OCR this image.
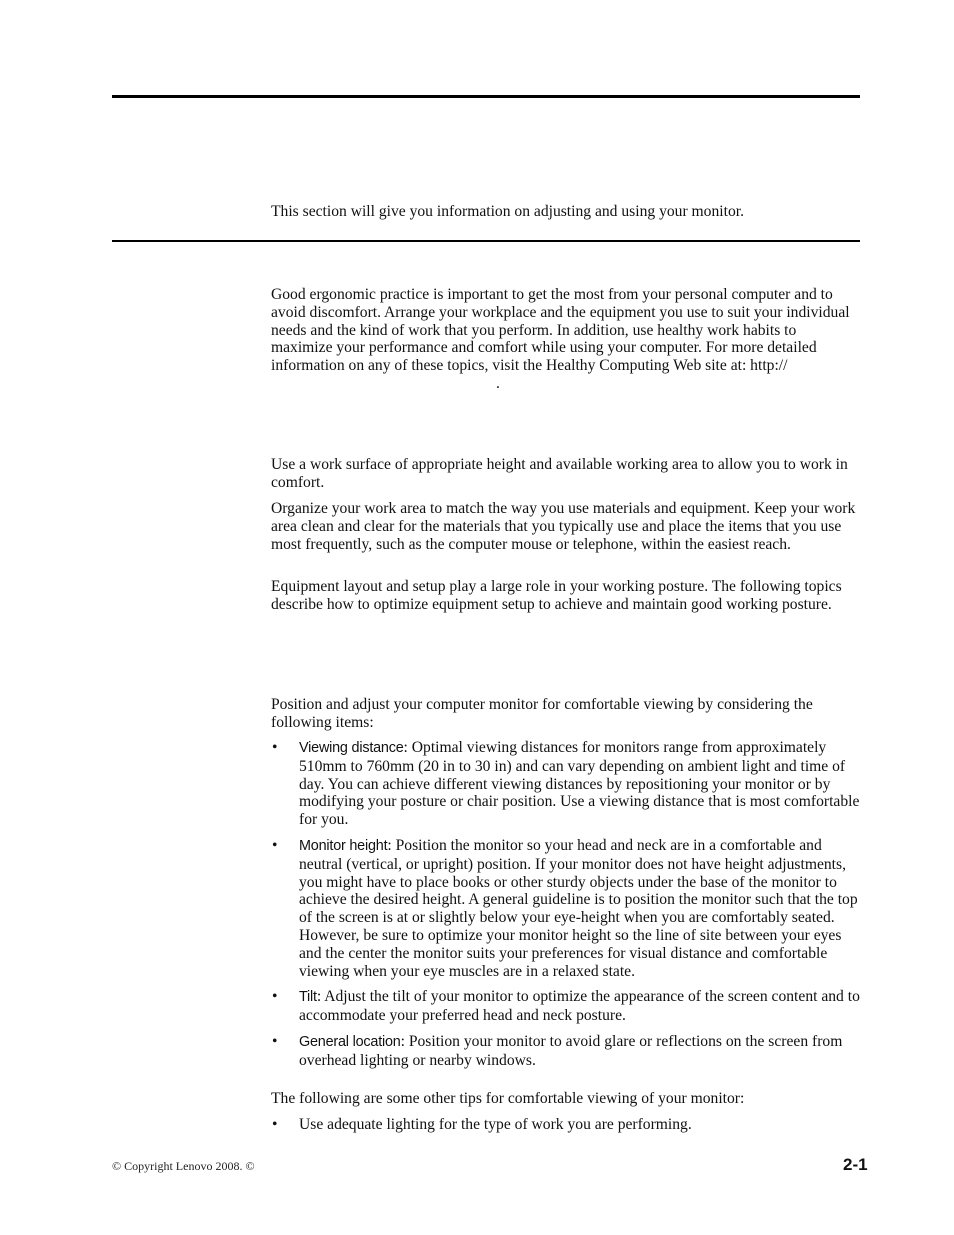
This section will give you information on adjusting and using your monitor.

Good ergonomic practice is important to get the most from your personal computer and to avoid discomfort. Arrange your workplace and the equipment you use to suit your individual needs and the kind of work that you perform. In addition, use healthy work habits to maximize your performance and comfort while using your computer. For more detailed information on any of these topics, visit the Healthy Computing Web site at: http://.

Use a work surface of appropriate height and available working area to allow you to work in comfort.

Organize your work area to match the way you use materials and equipment. Keep your work area clean and clear for the materials that you typically use and place the items that you use most frequently, such as the computer mouse or telephone, within the easiest reach.

Equipment layout and setup play a large role in your working posture. The following topics describe how to optimize equipment setup to achieve and maintain good working posture.

Position and adjust your computer monitor for comfortable viewing by considering the following items:

• Viewing distance: Optimal viewing distances for monitors range from approximately 510mm to 760mm (20 in to 30 in) and can vary depending on ambient light and time of day. You can achieve different viewing distances by repositioning your monitor or by modifying your posture or chair position. Use a viewing distance that is most comfortable for you.
• Monitor height: Position the monitor so your head and neck are in a comfortable and neutral (vertical, or upright) position. If your monitor does not have height adjustments, you might have to place books or other sturdy objects under the base of the monitor to achieve the desired height. A general guideline is to position the monitor such that the top of the screen is at or slightly below your eye-height when you are comfortably seated. However, be sure to optimize your monitor height so the line of site between your eyes and the center the monitor suits your preferences for visual distance and comfortable viewing when your eye muscles are in a relaxed state.
• Tilt: Adjust the tilt of your monitor to optimize the appearance of the screen content and to accommodate your preferred head and neck posture.
• General location: Position your monitor to avoid glare or reflections on the screen from overhead lighting or nearby windows.

The following are some other tips for comfortable viewing of your monitor:

• Use adequate lighting for the type of work you are performing.
© Copyright Lenovo 2008. ©	2-1
